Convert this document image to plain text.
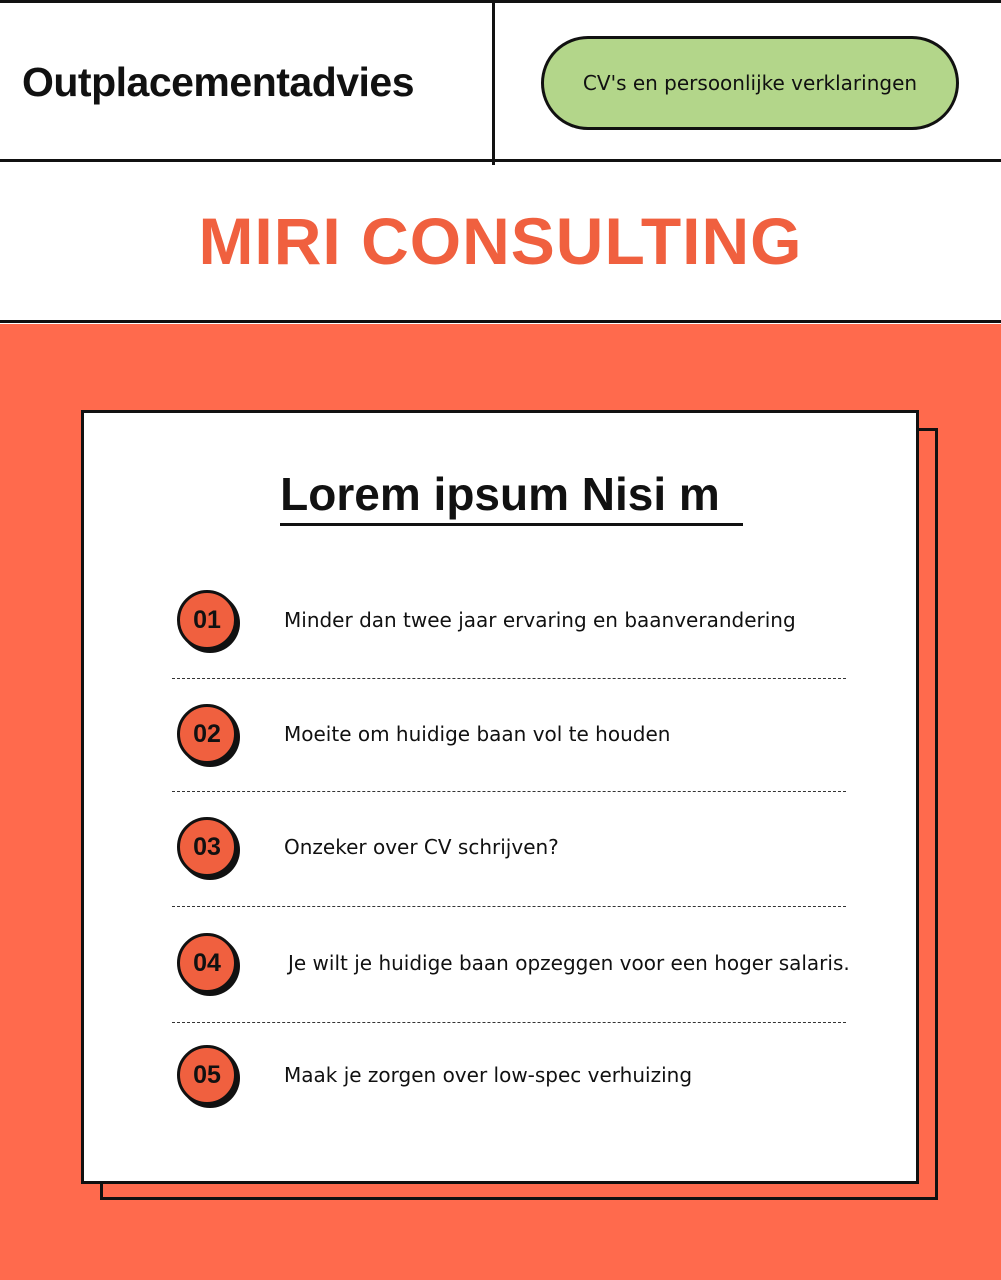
Outplacementadvies	CV's en persoonlijke verklaringen
MIRI CONSULTING
Lorem ipsum Nisi m
01	Minder dan twee jaar ervaring en baanverandering
02	Moeite om huidige baan vol te houden
03	Onzeker over CV schrijven?
04	Je wilt je huidige baan opzeggen voor een hoger salaris.
05	Maak je zorgen over low-spec verhuizing
